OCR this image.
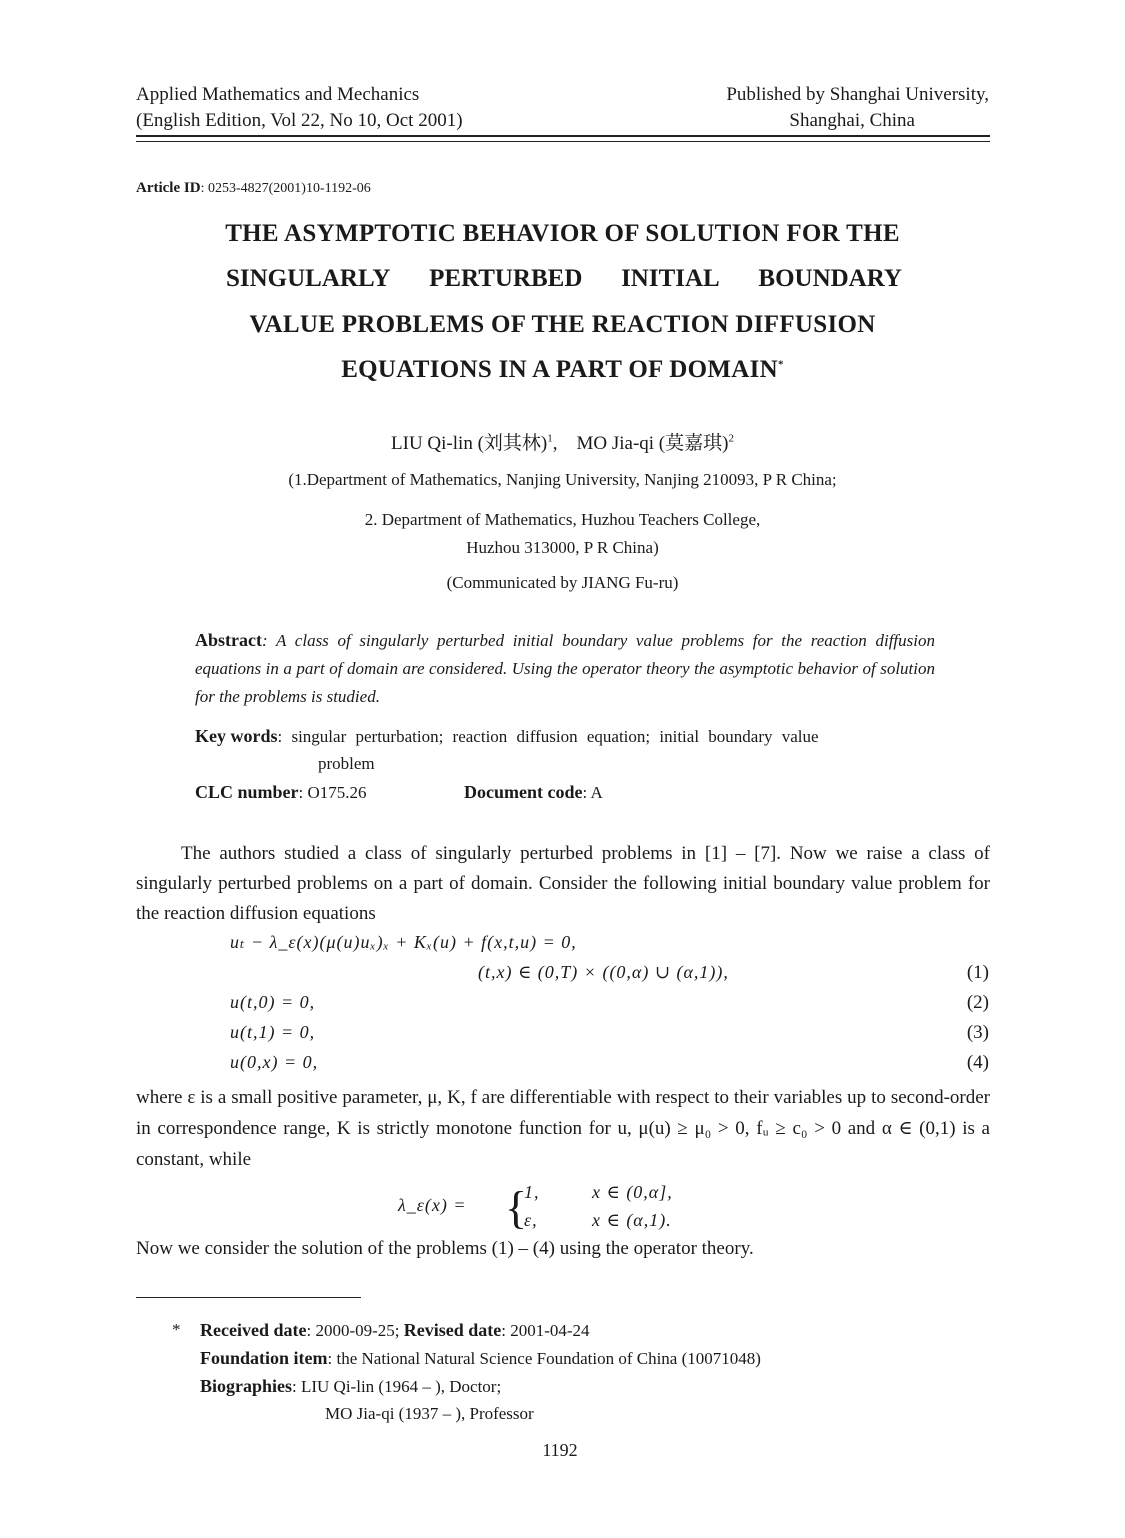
Applied Mathematics and Mechanics
(English Edition, Vol 22, No 10, Oct 2001)
Published by Shanghai University,
Shanghai, China
Article ID: 0253-4827(2001)10-1192-06
THE ASYMPTOTIC BEHAVIOR OF SOLUTION FOR THE
SINGULARLY PERTURBED INITIAL BOUNDARY
VALUE PROBLEMS OF THE REACTION DIFFUSION
EQUATIONS IN A PART OF DOMAIN*
LIU Qi-lin (刘其林)$^1$, MO Jia-qi (莫嘉琪)$^2$
(1.Department of Mathematics, Nanjing University, Nanjing 210093, P R China;
2. Department of Mathematics, Huzhou Teachers College,
Huzhou 313000, P R China)
(Communicated by JIANG Fu-ru)
Abstract: A class of singularly perturbed initial boundary value problems for the reaction diffusion equations in a part of domain are considered. Using the operator theory the asymptotic behavior of solution for the problems is studied.
Key words: singular perturbation; reaction diffusion equation; initial boundary value
problem
CLC number: O175.26	Document code: A
The authors studied a class of singularly perturbed problems in [1] – [7]. Now we raise a class of singularly perturbed problems on a part of domain. Consider the following initial boundary value problem for the reaction diffusion equations
uₜ − λ_ε(x)(μ(u)uₓ)ₓ + Kₓ(u) + f(x,t,u) = 0,
(t,x) ∈ (0,T) × ((0,α) ∪ (α,1)),	(1)
u(t,0) = 0,	(2)
u(t,1) = 0,	(3)
u(0,x) = 0,	(4)
where ε is a small positive parameter, μ, K, f are differentiable with respect to their variables up to second-order in correspondence range, K is strictly monotone function for u, μ(u) ≥ μ₀ > 0, fᵤ ≥ c₀ > 0 and α ∈ (0,1) is a constant, while
λ_ε(x) = {
1,	x ∈ (0,α],
ε,	x ∈ (α,1).
Now we consider the solution of the problems (1) – (4) using the operator theory.
* Received date: 2000-09-25; Revised date: 2001-04-24
Foundation item: the National Natural Science Foundation of China (10071048)
Biographies: LIU Qi-lin (1964 – ), Doctor;
MO Jia-qi (1937 – ), Professor
1192
